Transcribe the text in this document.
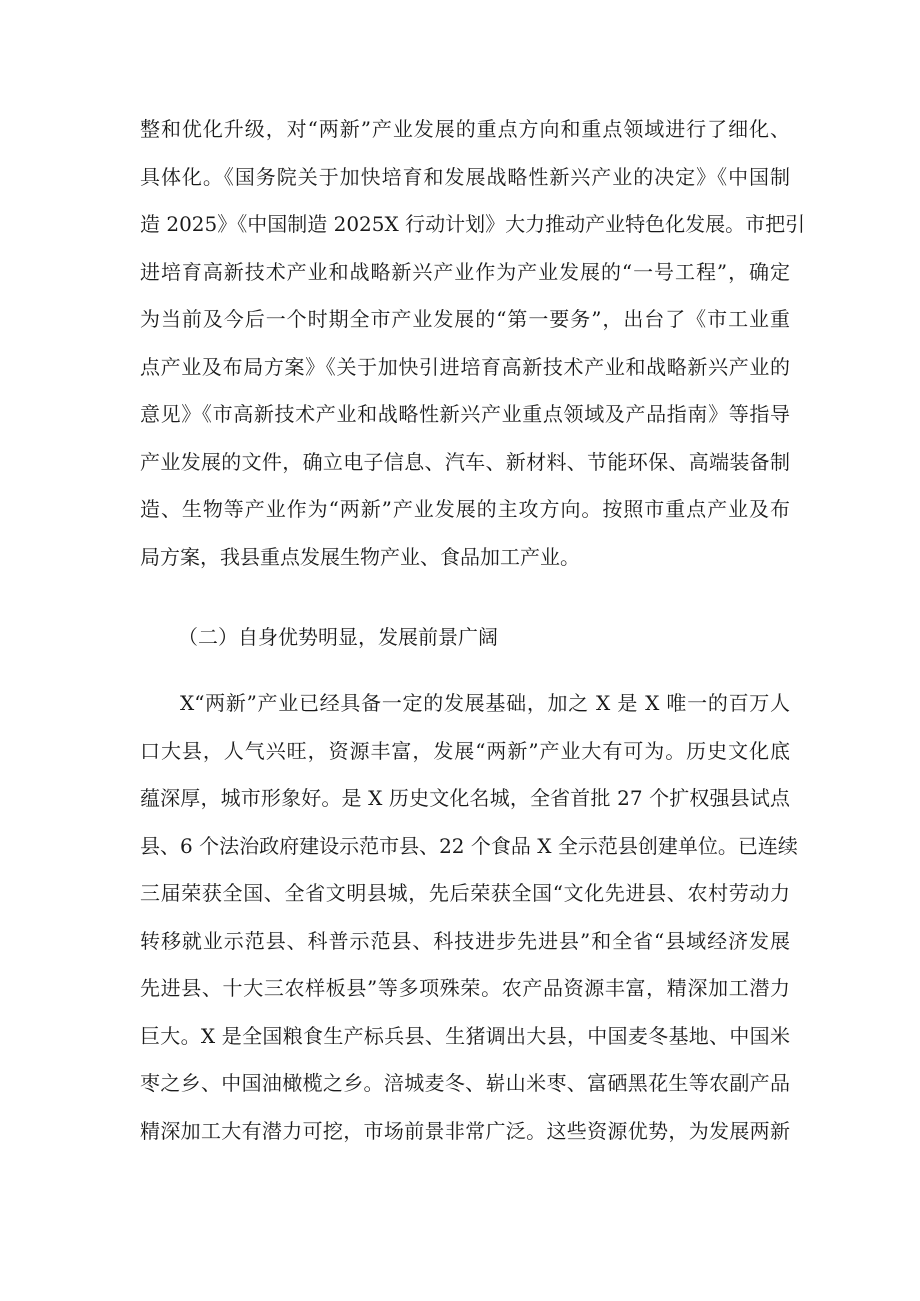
整和优化升级，对“两新”产业发展的重点方向和重点领域进行了细化、
具体化。《国务院关于加快培育和发展战略性新兴产业的决定》《中国制
造 2025》《中国制造 2025X 行动计划》大力推动产业特色化发展。市把引
进培育高新技术产业和战略新兴产业作为产业发展的“一号工程”，确定
为当前及今后一个时期全市产业发展的“第一要务”，出台了《市工业重
点产业及布局方案》《关于加快引进培育高新技术产业和战略新兴产业的
意见》《市高新技术产业和战略性新兴产业重点领域及产品指南》等指导
产业发展的文件，确立电子信息、汽车、新材料、节能环保、高端装备制
造、生物等产业作为“两新”产业发展的主攻方向。按照市重点产业及布
局方案，我县重点发展生物产业、食品加工产业。
（二）自身优势明显，发展前景广阔
X“两新”产业已经具备一定的发展基础，加之 X 是 X 唯一的百万人
口大县，人气兴旺，资源丰富，发展“两新”产业大有可为。历史文化底
蕴深厚，城市形象好。是 X 历史文化名城，全省首批 27 个扩权强县试点
县、6 个法治政府建设示范市县、22 个食品 X 全示范县创建单位。已连续
三届荣获全国、全省文明县城，先后荣获全国“文化先进县、农村劳动力
转移就业示范县、科普示范县、科技进步先进县”和全省“县域经济发展
先进县、十大三农样板县”等多项殊荣。农产品资源丰富，精深加工潜力
巨大。X 是全国粮食生产标兵县、生猪调出大县，中国麦冬基地、中国米
枣之乡、中国油橄榄之乡。涪城麦冬、崭山米枣、富硒黑花生等农副产品
精深加工大有潜力可挖，市场前景非常广泛。这些资源优势，为发展两新
